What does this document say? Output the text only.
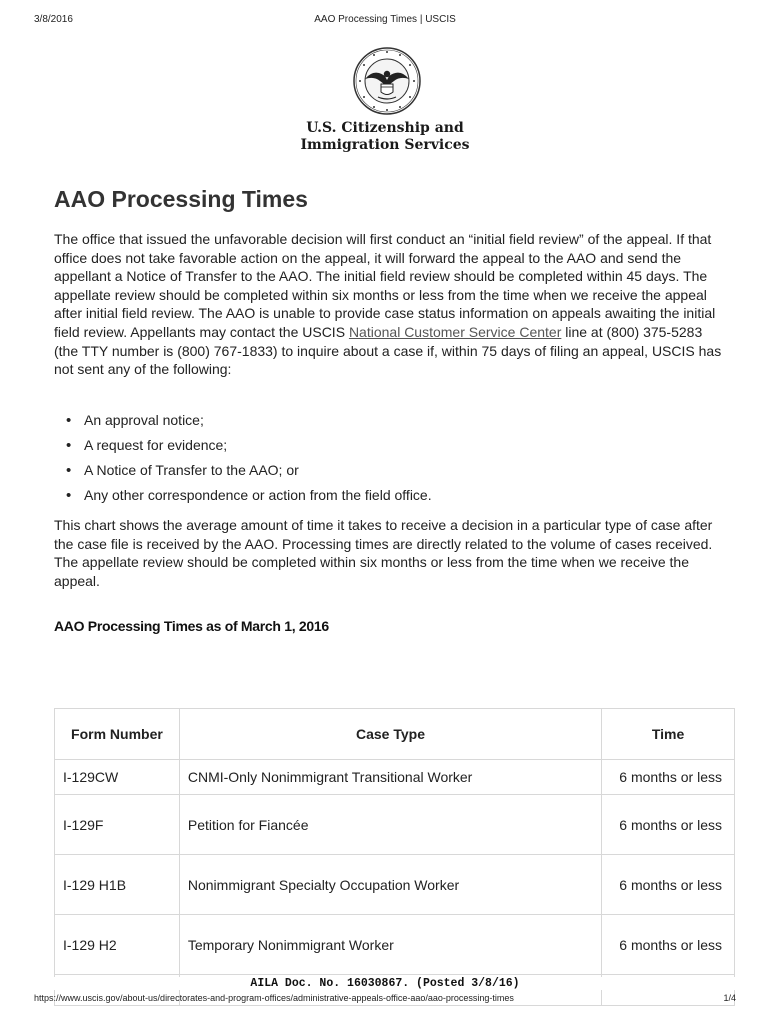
3/8/2016	AAO Processing Times | USCIS
U.S. Citizenship and
Immigration Services
AAO Processing Times

The office that issued the unfavorable decision will first conduct an “initial field review” of the appeal. If that office does not take favorable action on the appeal, it will forward the appeal to the AAO and send the appellant a Notice of Transfer to the AAO. The initial field review should be completed within 45 days. The appellate review should be completed within six months or less from the time when we receive the appeal after initial field review. The AAO is unable to provide case status information on appeals awaiting the initial field review. Appellants may contact the USCIS National Customer Service Center line at (800) 375-5283 (the TTY number is (800) 767-1833) to inquire about a case if, within 75 days of filing an appeal, USCIS has not sent any of the following:

• An approval notice;
• A request for evidence;
• A Notice of Transfer to the AAO; or
• Any other correspondence or action from the field office.

This chart shows the average amount of time it takes to receive a decision in a particular type of case after the case file is received by the AAO. Processing times are directly related to the volume of cases received. The appellate review should be completed within six months or less from the time when we receive the appeal.

AAO Processing Times as of March 1, 2016
Form Number	Case Type	Time
I-129CW	CNMI-Only Nonimmigrant Transitional Worker	6 months or less
I-129F	Petition for Fiancée	6 months or less
I-129 H1B	Nonimmigrant Specialty Occupation Worker	6 months or less
I-129 H2	Temporary Nonimmigrant Worker	6 months or less

AILA Doc. No. 16030867. (Posted 3/8/16)
https://www.uscis.gov/about-us/directorates-and-program-offices/administrative-appeals-office-aao/aao-processing-times	1/4
